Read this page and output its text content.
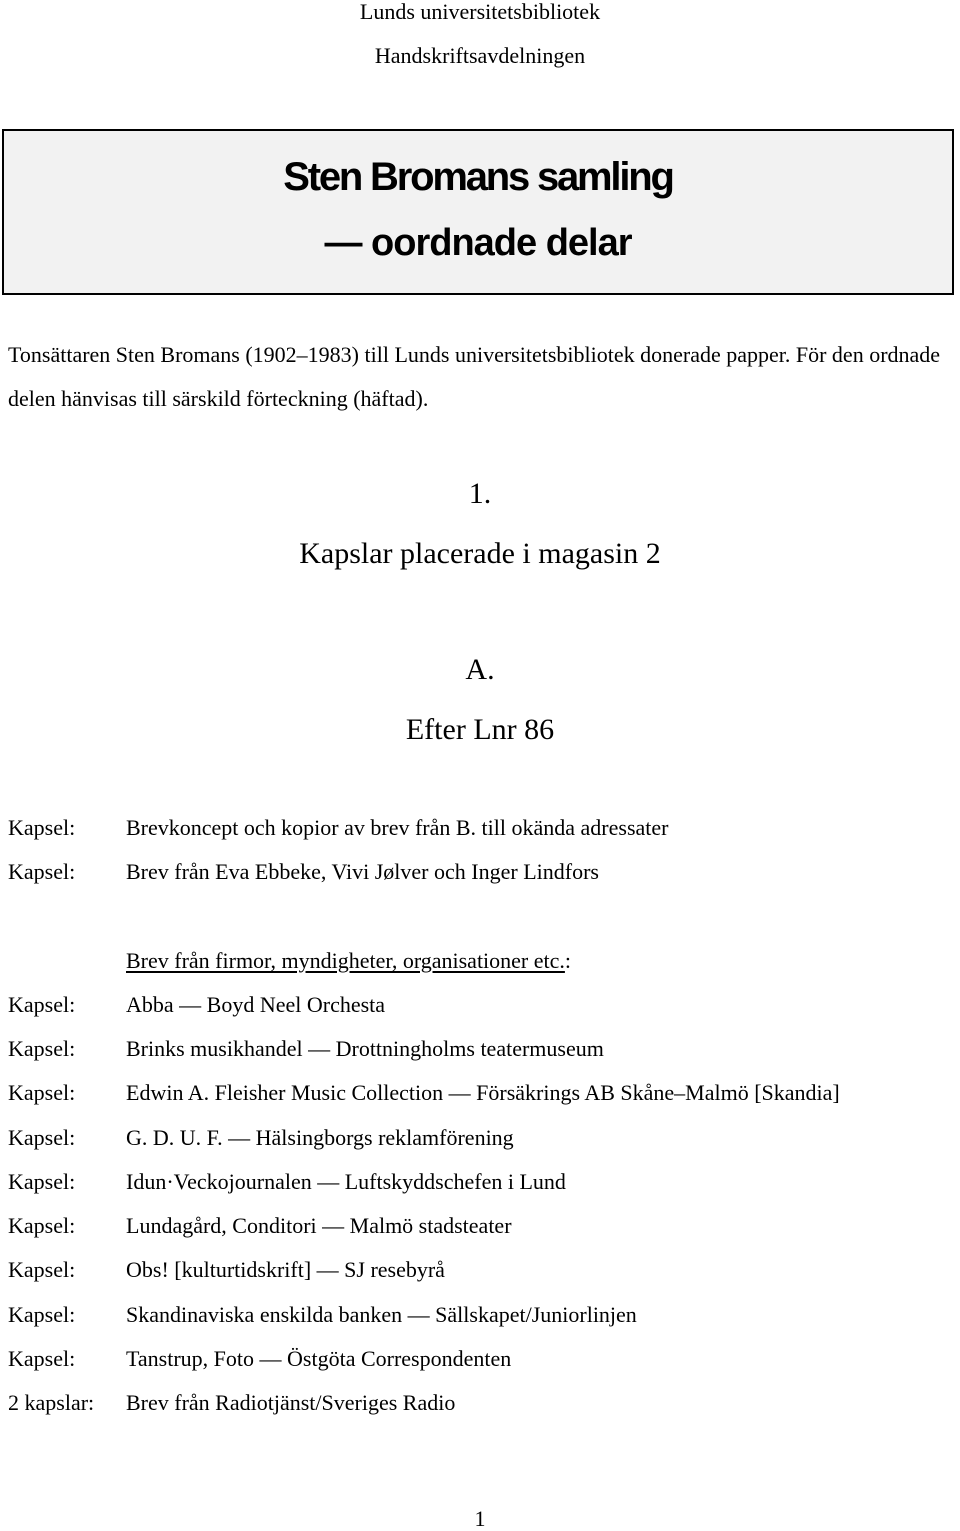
Lunds universitetsbibliotek
Handskriftsavdelningen
Sten Bromans samling
— oordnade delar
Tonsättaren Sten Bromans (1902–1983) till Lunds universitetsbibliotek donerade papper. För den ordnade delen hänvisas till särskild förteckning (häftad).
1.
Kapslar placerade i magasin 2
A.
Efter Lnr 86
Kapsel: Brevkoncept och kopior av brev från B. till okända adressater
Kapsel: Brev från Eva Ebbeke, Vivi Jølver och Inger Lindfors
Brev från firmor, myndigheter, organisationer etc.:
Kapsel: Abba — Boyd Neel Orchesta
Kapsel: Brinks musikhandel — Drottningholms teatermuseum
Kapsel: Edwin A. Fleisher Music Collection — Försäkrings AB Skåne–Malmö [Skandia]
Kapsel: G. D. U. F. — Hälsingborgs reklamförening
Kapsel: Idun·Veckojournalen — Luftskyddschefen i Lund
Kapsel: Lundagård, Conditori — Malmö stadsteater
Kapsel: Obs! [kulturtidskrift] — SJ resebyrå
Kapsel: Skandinaviska enskilda banken — Sällskapet/Juniorlinjen
Kapsel: Tanstrup, Foto — Östgöta Correspondenten
2 kapslar: Brev från Radiotjänst/Sveriges Radio
1
